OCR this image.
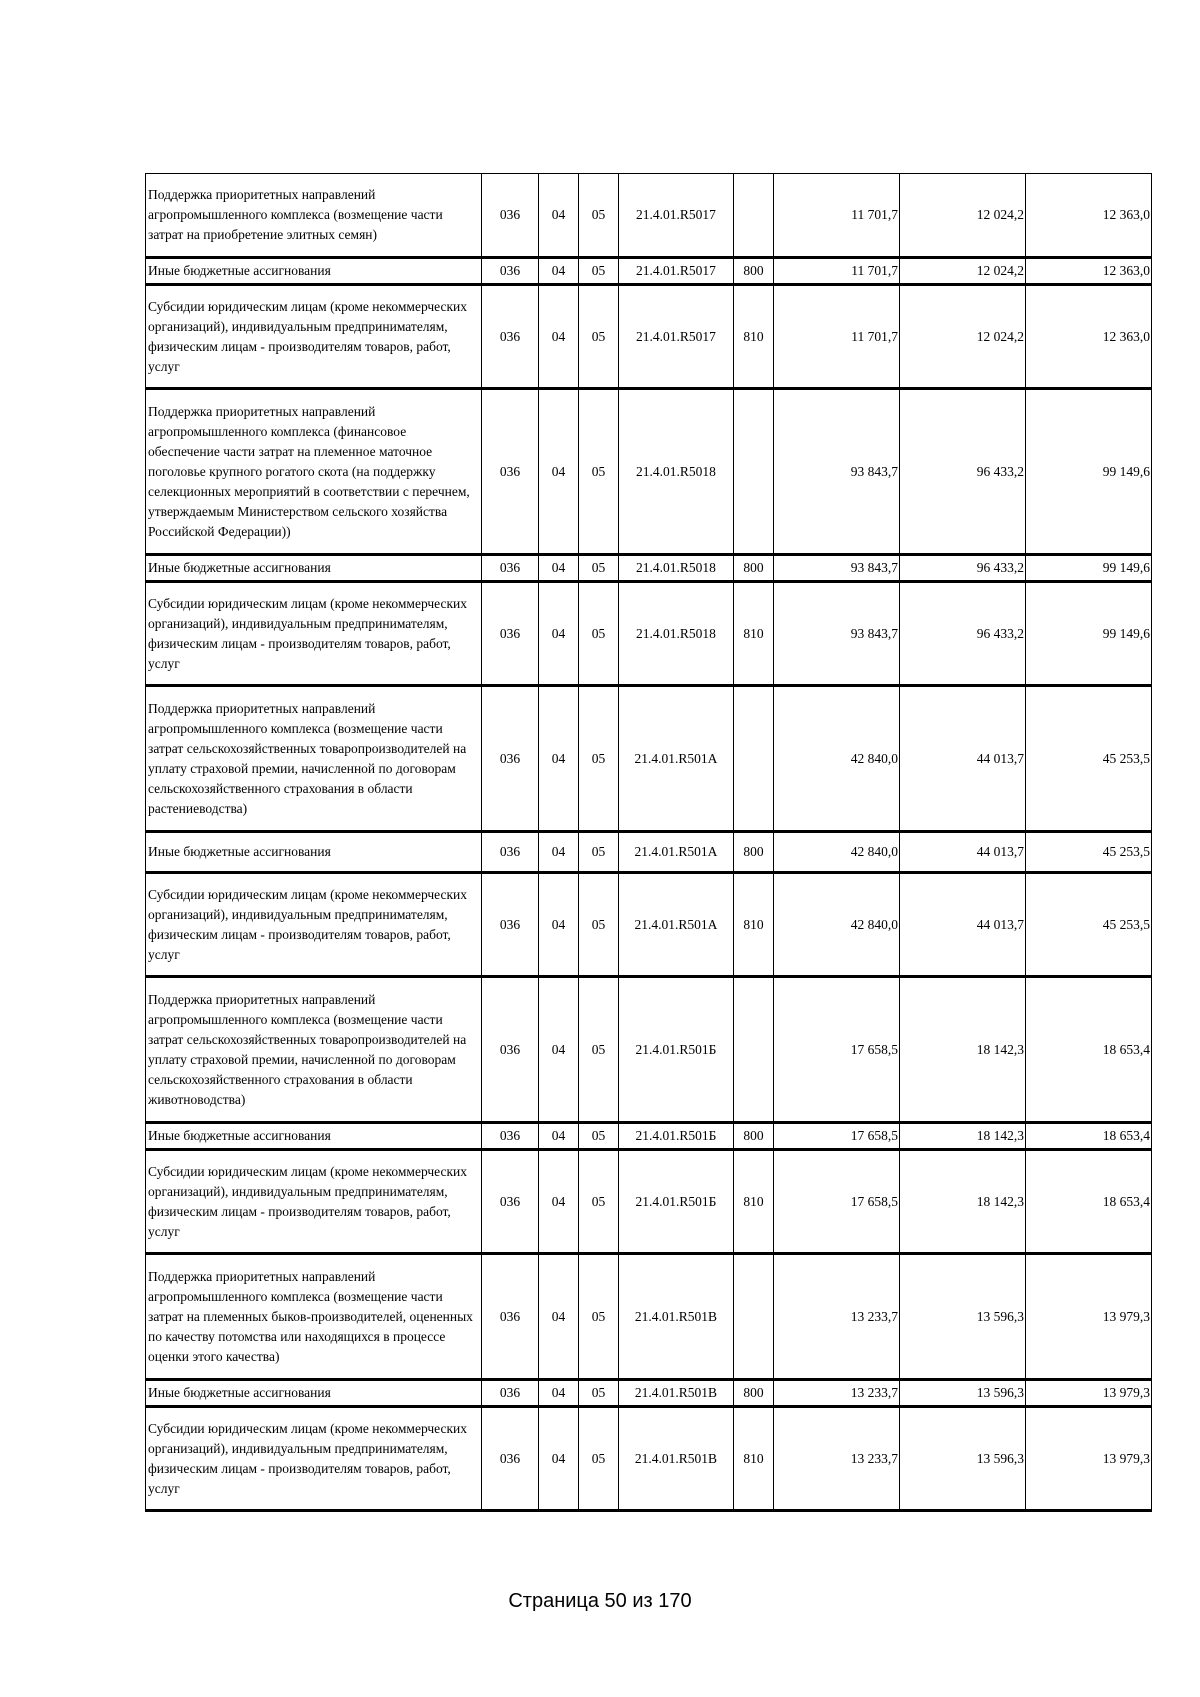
Поддержка приоритетных направлений агропромышленного комплекса (возмещение части затрат на приобретение элитных семян)	036	04	05	21.4.01.R5017		11 701,7	12 024,2	12 363,0
Иные бюджетные ассигнования	036	04	05	21.4.01.R5017	800	11 701,7	12 024,2	12 363,0
Субсидии юридическим лицам (кроме некоммерческих организаций), индивидуальным предпринимателям, физическим лицам - производителям товаров, работ, услуг	036	04	05	21.4.01.R5017	810	11 701,7	12 024,2	12 363,0
Поддержка приоритетных направлений агропромышленного комплекса (финансовое обеспечение части затрат на племенное маточное поголовье крупного рогатого скота (на поддержку селекционных мероприятий в соответствии с перечнем, утверждаемым Министерством сельского хозяйства Российской Федерации))	036	04	05	21.4.01.R5018		93 843,7	96 433,2	99 149,6
Иные бюджетные ассигнования	036	04	05	21.4.01.R5018	800	93 843,7	96 433,2	99 149,6
Субсидии юридическим лицам (кроме некоммерческих организаций), индивидуальным предпринимателям, физическим лицам - производителям товаров, работ, услуг	036	04	05	21.4.01.R5018	810	93 843,7	96 433,2	99 149,6
Поддержка приоритетных направлений агропромышленного комплекса (возмещение части затрат сельскохозяйственных товаропроизводителей на уплату страховой премии, начисленной по договорам сельскохозяйственного страхования в области растениеводства)	036	04	05	21.4.01.R501А		42 840,0	44 013,7	45 253,5
Иные бюджетные ассигнования	036	04	05	21.4.01.R501А	800	42 840,0	44 013,7	45 253,5
Субсидии юридическим лицам (кроме некоммерческих организаций), индивидуальным предпринимателям, физическим лицам - производителям товаров, работ, услуг	036	04	05	21.4.01.R501А	810	42 840,0	44 013,7	45 253,5
Поддержка приоритетных направлений агропромышленного комплекса (возмещение части затрат сельскохозяйственных товаропроизводителей на уплату страховой премии, начисленной по договорам сельскохозяйственного страхования в области животноводства)	036	04	05	21.4.01.R501Б		17 658,5	18 142,3	18 653,4
Иные бюджетные ассигнования	036	04	05	21.4.01.R501Б	800	17 658,5	18 142,3	18 653,4
Субсидии юридическим лицам (кроме некоммерческих организаций), индивидуальным предпринимателям, физическим лицам - производителям товаров, работ, услуг	036	04	05	21.4.01.R501Б	810	17 658,5	18 142,3	18 653,4
Поддержка приоритетных направлений агропромышленного комплекса (возмещение части затрат на племенных быков-производителей, оцененных по качеству потомства или находящихся в процессе оценки этого качества)	036	04	05	21.4.01.R501В		13 233,7	13 596,3	13 979,3
Иные бюджетные ассигнования	036	04	05	21.4.01.R501В	800	13 233,7	13 596,3	13 979,3
Субсидии юридическим лицам (кроме некоммерческих организаций), индивидуальным предпринимателям, физическим лицам - производителям товаров, работ, услуг	036	04	05	21.4.01.R501В	810	13 233,7	13 596,3	13 979,3
Страница 50 из 170
